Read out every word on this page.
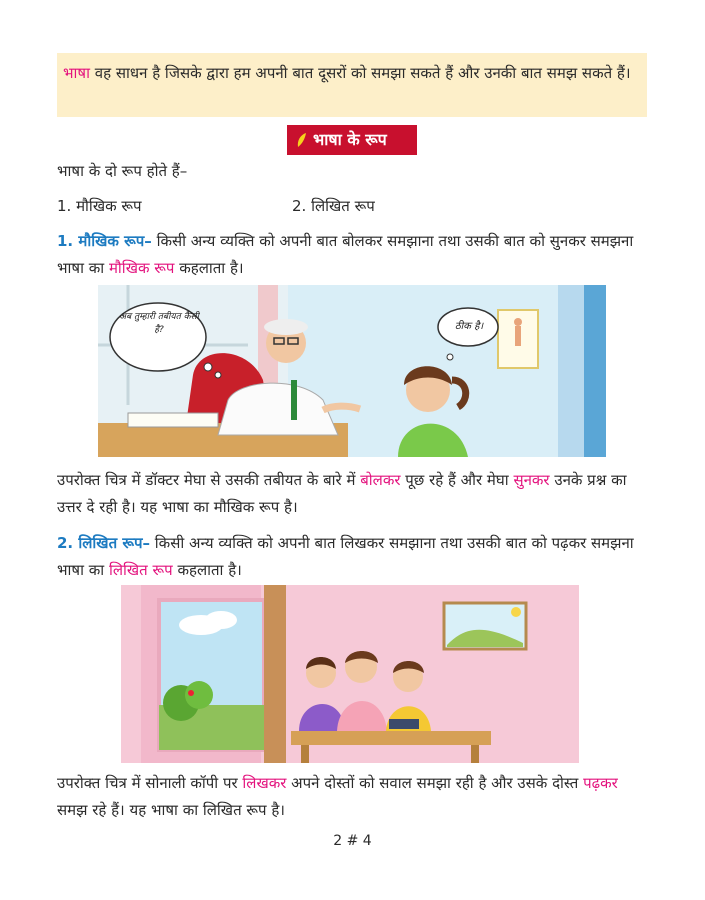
भाषा वह साधन है जिसके द्वारा हम अपनी बात दूसरों को समझा सकते हैं और उनकी बात समझ सकते हैं।
भाषा के रूप
भाषा के दो रूप होते हैं–
1. मौखिक रूप	2. लिखित रूप
1. मौखिक रूप– किसी अन्य व्यक्ति को अपनी बात बोलकर समझाना तथा उसकी बात को सुनकर समझना भाषा का मौखिक रूप कहलाता है।
अब तुम्हारी तबीयत कैसी है?	ठीक है।
उपरोक्त चित्र में डॉक्टर मेघा से उसकी तबीयत के बारे में बोलकर पूछ रहे हैं और मेघा सुनकर उनके प्रश्न का उत्तर दे रही है। यह भाषा का मौखिक रूप है।
2. लिखित रूप– किसी अन्य व्यक्ति को अपनी बात लिखकर समझाना तथा उसकी बात को पढ़कर समझना भाषा का लिखित रूप कहलाता है।
उपरोक्त चित्र में सोनाली कॉपी पर लिखकर अपने दोस्तों को सवाल समझा रही है और उसके दोस्त पढ़कर समझ रहे हैं। यह भाषा का लिखित रूप है।
2 # 4
